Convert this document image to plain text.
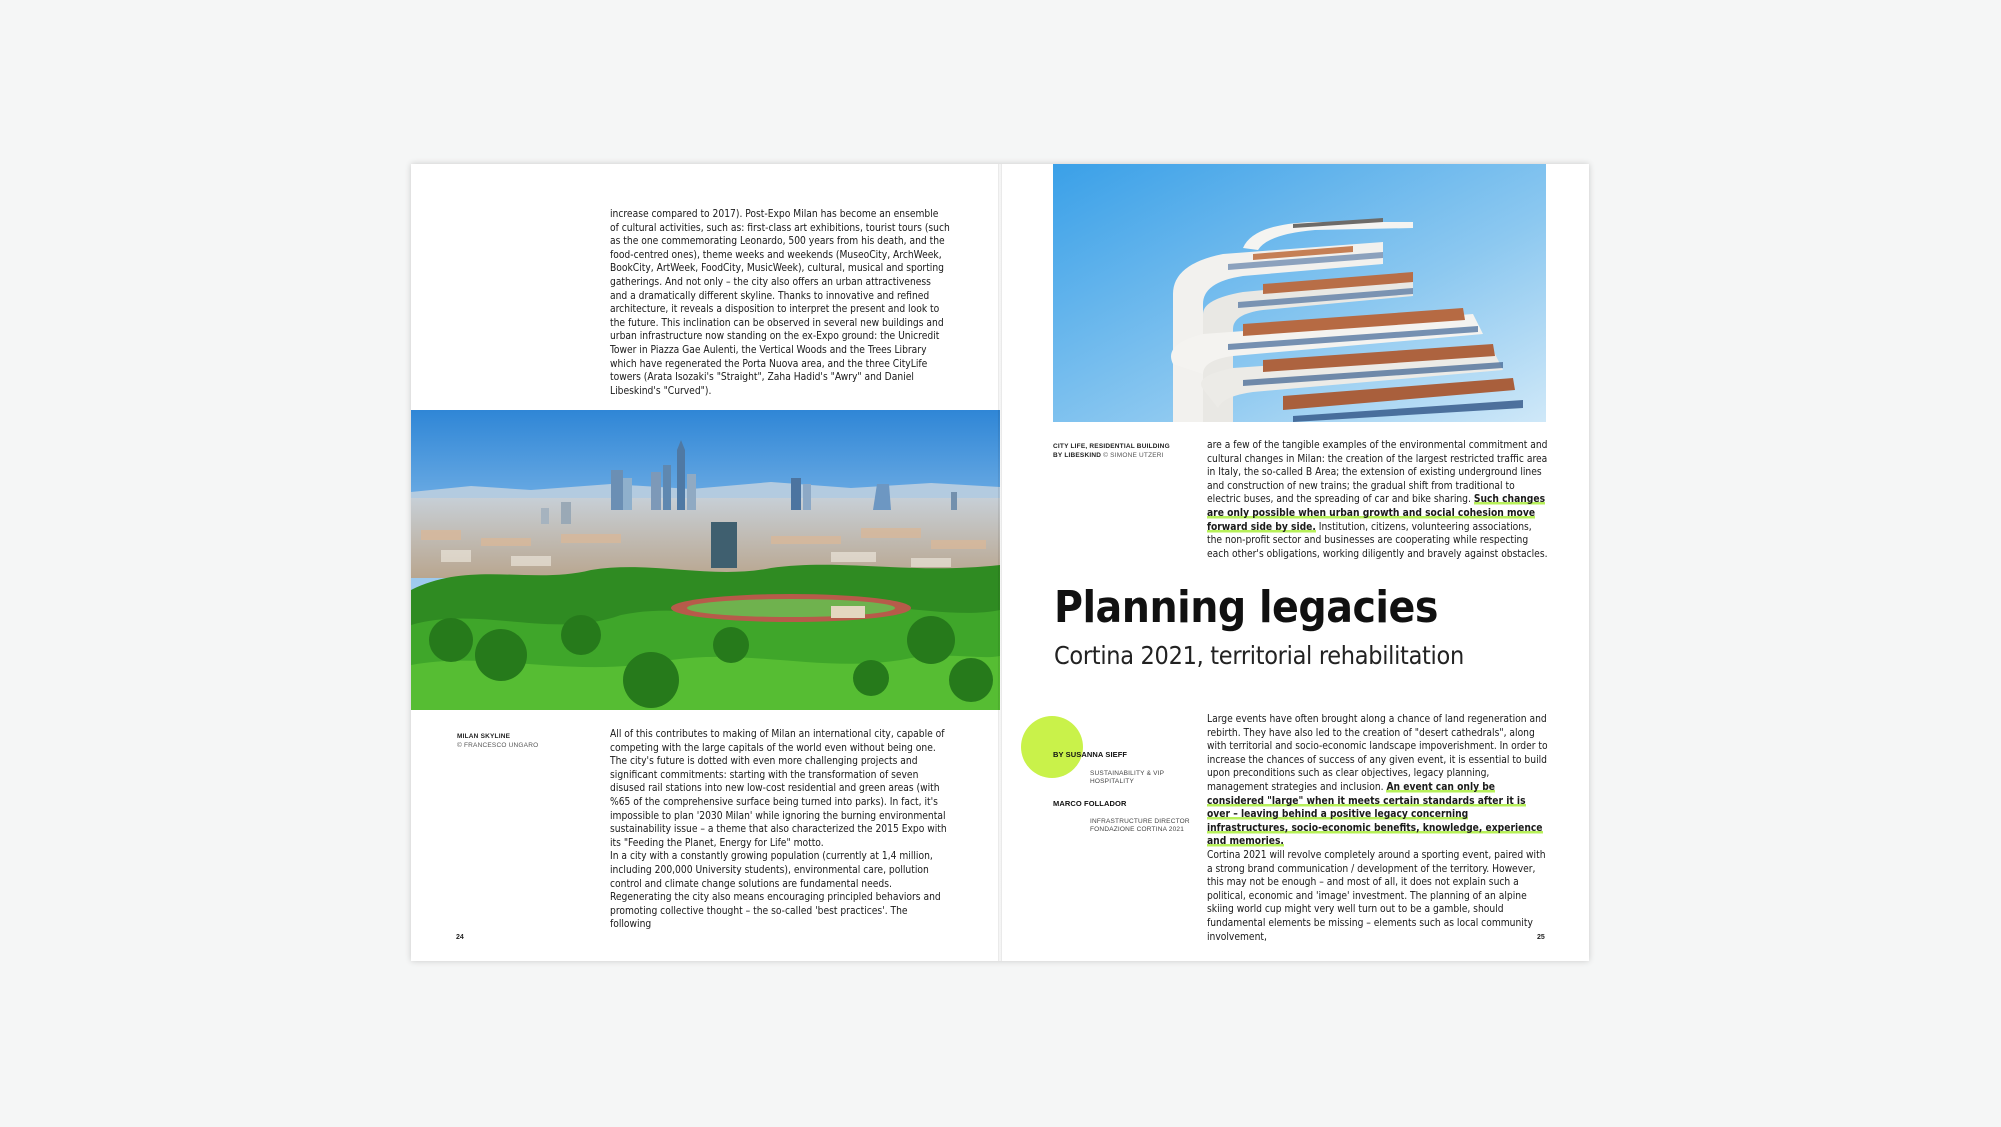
increase compared to 2017). Post-Expo Milan has become an ensemble of cultural activities, such as: first-class art exhibitions, tourist tours (such as the one commemorating Leonardo, 500 years from his death, and the food-centred ones), theme weeks and weekends (MuseoCity, ArchWeek, BookCity, ArtWeek, FoodCity, MusicWeek), cultural, musical and sporting gatherings. And not only – the city also offers an urban attractiveness and a dramatically different skyline. Thanks to innovative and refined architecture, it reveals a disposition to interpret the present and look to the future. This inclination can be observed in several new buildings and urban infrastructure now standing on the ex-Expo ground: the Unicredit Tower in Piazza Gae Aulenti, the Vertical Woods and the Trees Library which have regenerated the Porta Nuova area, and the three CityLife towers (Arata Isozaki's "Straight", Zaha Hadid's "Awry" and Daniel Libeskind's "Curved").

MILAN SKYLINE
© FRANCESCO UNGARO

All of this contributes to making of Milan an international city, capable of competing with the large capitals of the world even without being one. The city's future is dotted with even more challenging projects and significant commitments: starting with the transformation of seven disused rail stations into new low-cost residential and green areas (with %65 of the comprehensive surface being turned into parks). In fact, it's impossible to plan '2030 Milan' while ignoring the burning environmental sustainability issue – a theme that also characterized the 2015 Expo with its "Feeding the Planet, Energy for Life" motto.

In a city with a constantly growing population (currently at 1,4 million, including 200,000 University students), environmental care, pollution control and climate change solutions are fundamental needs.

Regenerating the city also means encouraging principled behaviors and promoting collective thought – the so-called 'best practices'. The following

24
CITY LIFE, RESIDENTIAL BUILDING
BY LIBESKIND © SIMONE UTZERI

are a few of the tangible examples of the environmental commitment and cultural changes in Milan: the creation of the largest restricted traffic area in Italy, the so-called B Area; the extension of existing underground lines and construction of new trains; the gradual shift from traditional to electric buses, and the spreading of car and bike sharing. Such changes are only possible when urban growth and social cohesion move forward side by side. Institution, citizens, volunteering associations, the non-profit sector and businesses are cooperating while respecting each other's obligations, working diligently and bravely against obstacles.

Planning legacies
Cortina 2021, territorial rehabilitation
BY SUSANNA SIEFF
SUSTAINABILITY & VIP
HOSPITALITY
MARCO FOLLADOR
INFRASTRUCTURE DIRECTOR
FONDAZIONE CORTINA 2021

Large events have often brought along a chance of land regeneration and rebirth. They have also led to the creation of "desert cathedrals", along with territorial and socio-economic landscape impoverishment. In order to increase the chances of success of any given event, it is essential to build upon preconditions such as clear objectives, legacy planning, management strategies and inclusion. An event can only be considered "large" when it meets certain standards after it is over – leaving behind a positive legacy concerning infrastructures, socio-economic benefits, knowledge, experience and memories.

Cortina 2021 will revolve completely around a sporting event, paired with a strong brand communication / development of the territory. However, this may not be enough – and most of all, it does not explain such a political, economic and 'image' investment. The planning of an alpine skiing world cup might very well turn out to be a gamble, should fundamental elements be missing – elements such as local community involvement,	25
